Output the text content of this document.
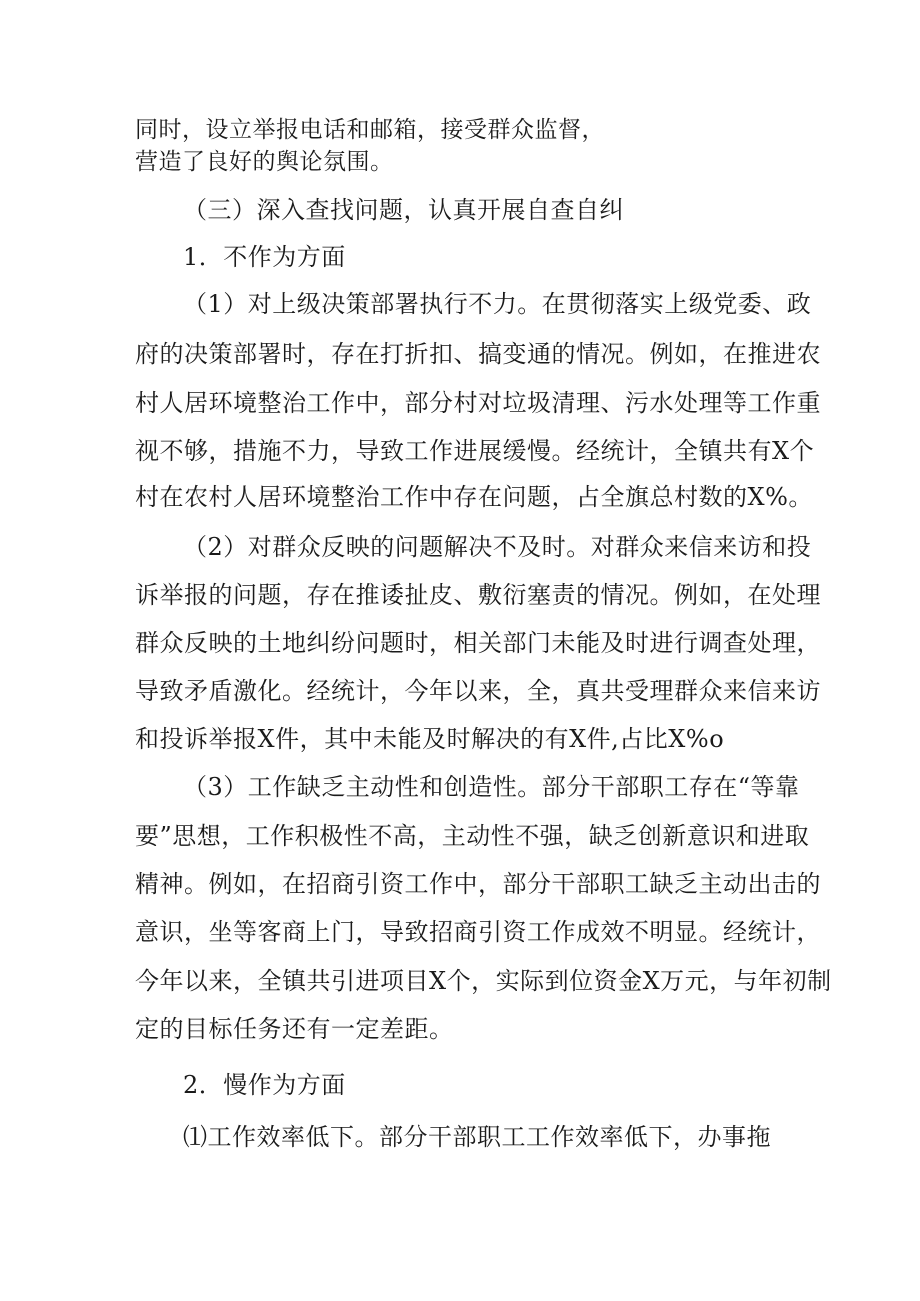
同时，设立举报电话和邮箱，接受群众监督，
营造了良好的舆论氛围。
（三）深入查找问题，认真开展自查自纠
1．不作为方面
（1）对上级决策部署执行不力。在贯彻落实上级党委、政
府的决策部署时，存在打折扣、搞变通的情况。例如，在推进农
村人居环境整治工作中，部分村对垃圾清理、污水处理等工作重
视不够，措施不力，导致工作进展缓慢。经统计，全镇共有X个
村在农村人居环境整治工作中存在问题，占全旗总村数的X%。
（2）对群众反映的问题解决不及时。对群众来信来访和投
诉举报的问题，存在推诿扯皮、敷衍塞责的情况。例如，在处理
群众反映的土地纠纷问题时，相关部门未能及时进行调查处理，
导致矛盾激化。经统计，今年以来，全，真共受理群众来信来访
和投诉举报X件，其中未能及时解决的有X件,占比X%o
（3）工作缺乏主动性和创造性。部分干部职工存在“等靠
要”思想，工作积极性不高，主动性不强，缺乏创新意识和进取
精神。例如，在招商引资工作中，部分干部职工缺乏主动出击的
意识，坐等客商上门，导致招商引资工作成效不明显。经统计，
今年以来，全镇共引进项目X个，实际到位资金X万元，与年初制
定的目标任务还有一定差距。
2．慢作为方面
⑴工作效率低下。部分干部职工工作效率低下，办事拖
